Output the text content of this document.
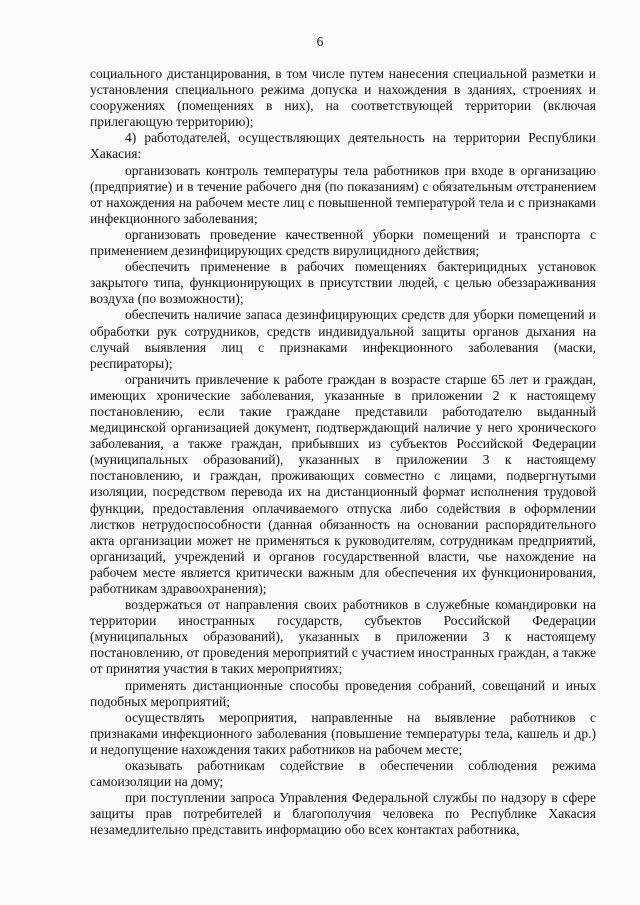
6

социального дистанцирования, в том числе путем нанесения специальной разметки и установления специального режима допуска и нахождения в зданиях, строениях и сооружениях (помещениях в них), на соответствующей территории (включая прилегающую территорию);

4) работодателей, осуществляющих деятельность на территории Республики Хакасия:

организовать контроль температуры тела работников при входе в организацию (предприятие) и в течение рабочего дня (по показаниям) с обязательным отстранением от нахождения на рабочем месте лиц с повышенной температурой тела и с признаками инфекционного заболевания;

организовать проведение качественной уборки помещений и транспорта с применением дезинфицирующих средств вирулицидного действия;

обеспечить применение в рабочих помещениях бактерицидных установок закрытого типа, функционирующих в присутствии людей, с целью обеззараживания воздуха (по возможности);

обеспечить наличие запаса дезинфицирующих средств для уборки помещений и обработки рук сотрудников, средств индивидуальной защиты органов дыхания на случай выявления лиц с признаками инфекционного заболевания (маски, респираторы);

ограничить привлечение к работе граждан в возрасте старше 65 лет и граждан, имеющих хронические заболевания, указанные в приложении 2 к настоящему постановлению, если такие граждане представили работодателю выданный медицинской организацией документ, подтверждающий наличие у него хронического заболевания, а также граждан, прибывших из субъектов Российской Федерации (муниципальных образований), указанных в приложении 3 к настоящему постановлению, и граждан, проживающих совместно с лицами, подвергнутыми изоляции, посредством перевода их на дистанционный формат исполнения трудовой функции, предоставления оплачиваемого отпуска либо содействия в оформлении листков нетрудоспособности (данная обязанность на основании распорядительного акта организации может не применяться к руководителям, сотрудникам предприятий, организаций, учреждений и органов государственной власти, чье нахождение на рабочем месте является критически важным для обеспечения их функционирования, работникам здравоохранения);

воздержаться от направления своих работников в служебные командировки на территории иностранных государств, субъектов Российской Федерации (муниципальных образований), указанных в приложении 3 к настоящему постановлению, от проведения мероприятий с участием иностранных граждан, а также от принятия участия в таких мероприятиях;

применять дистанционные способы проведения собраний, совещаний и иных подобных мероприятий;

осуществлять мероприятия, направленные на выявление работников с признаками инфекционного заболевания (повышение температуры тела, кашель и др.) и недопущение нахождения таких работников на рабочем месте;

оказывать работникам содействие в обеспечении соблюдения режима самоизоляции на дому;

при поступлении запроса Управления Федеральной службы по надзору в сфере защиты прав потребителей и благополучия человека по Республике Хакасия незамедлительно представить информацию обо всех контактах работника,
